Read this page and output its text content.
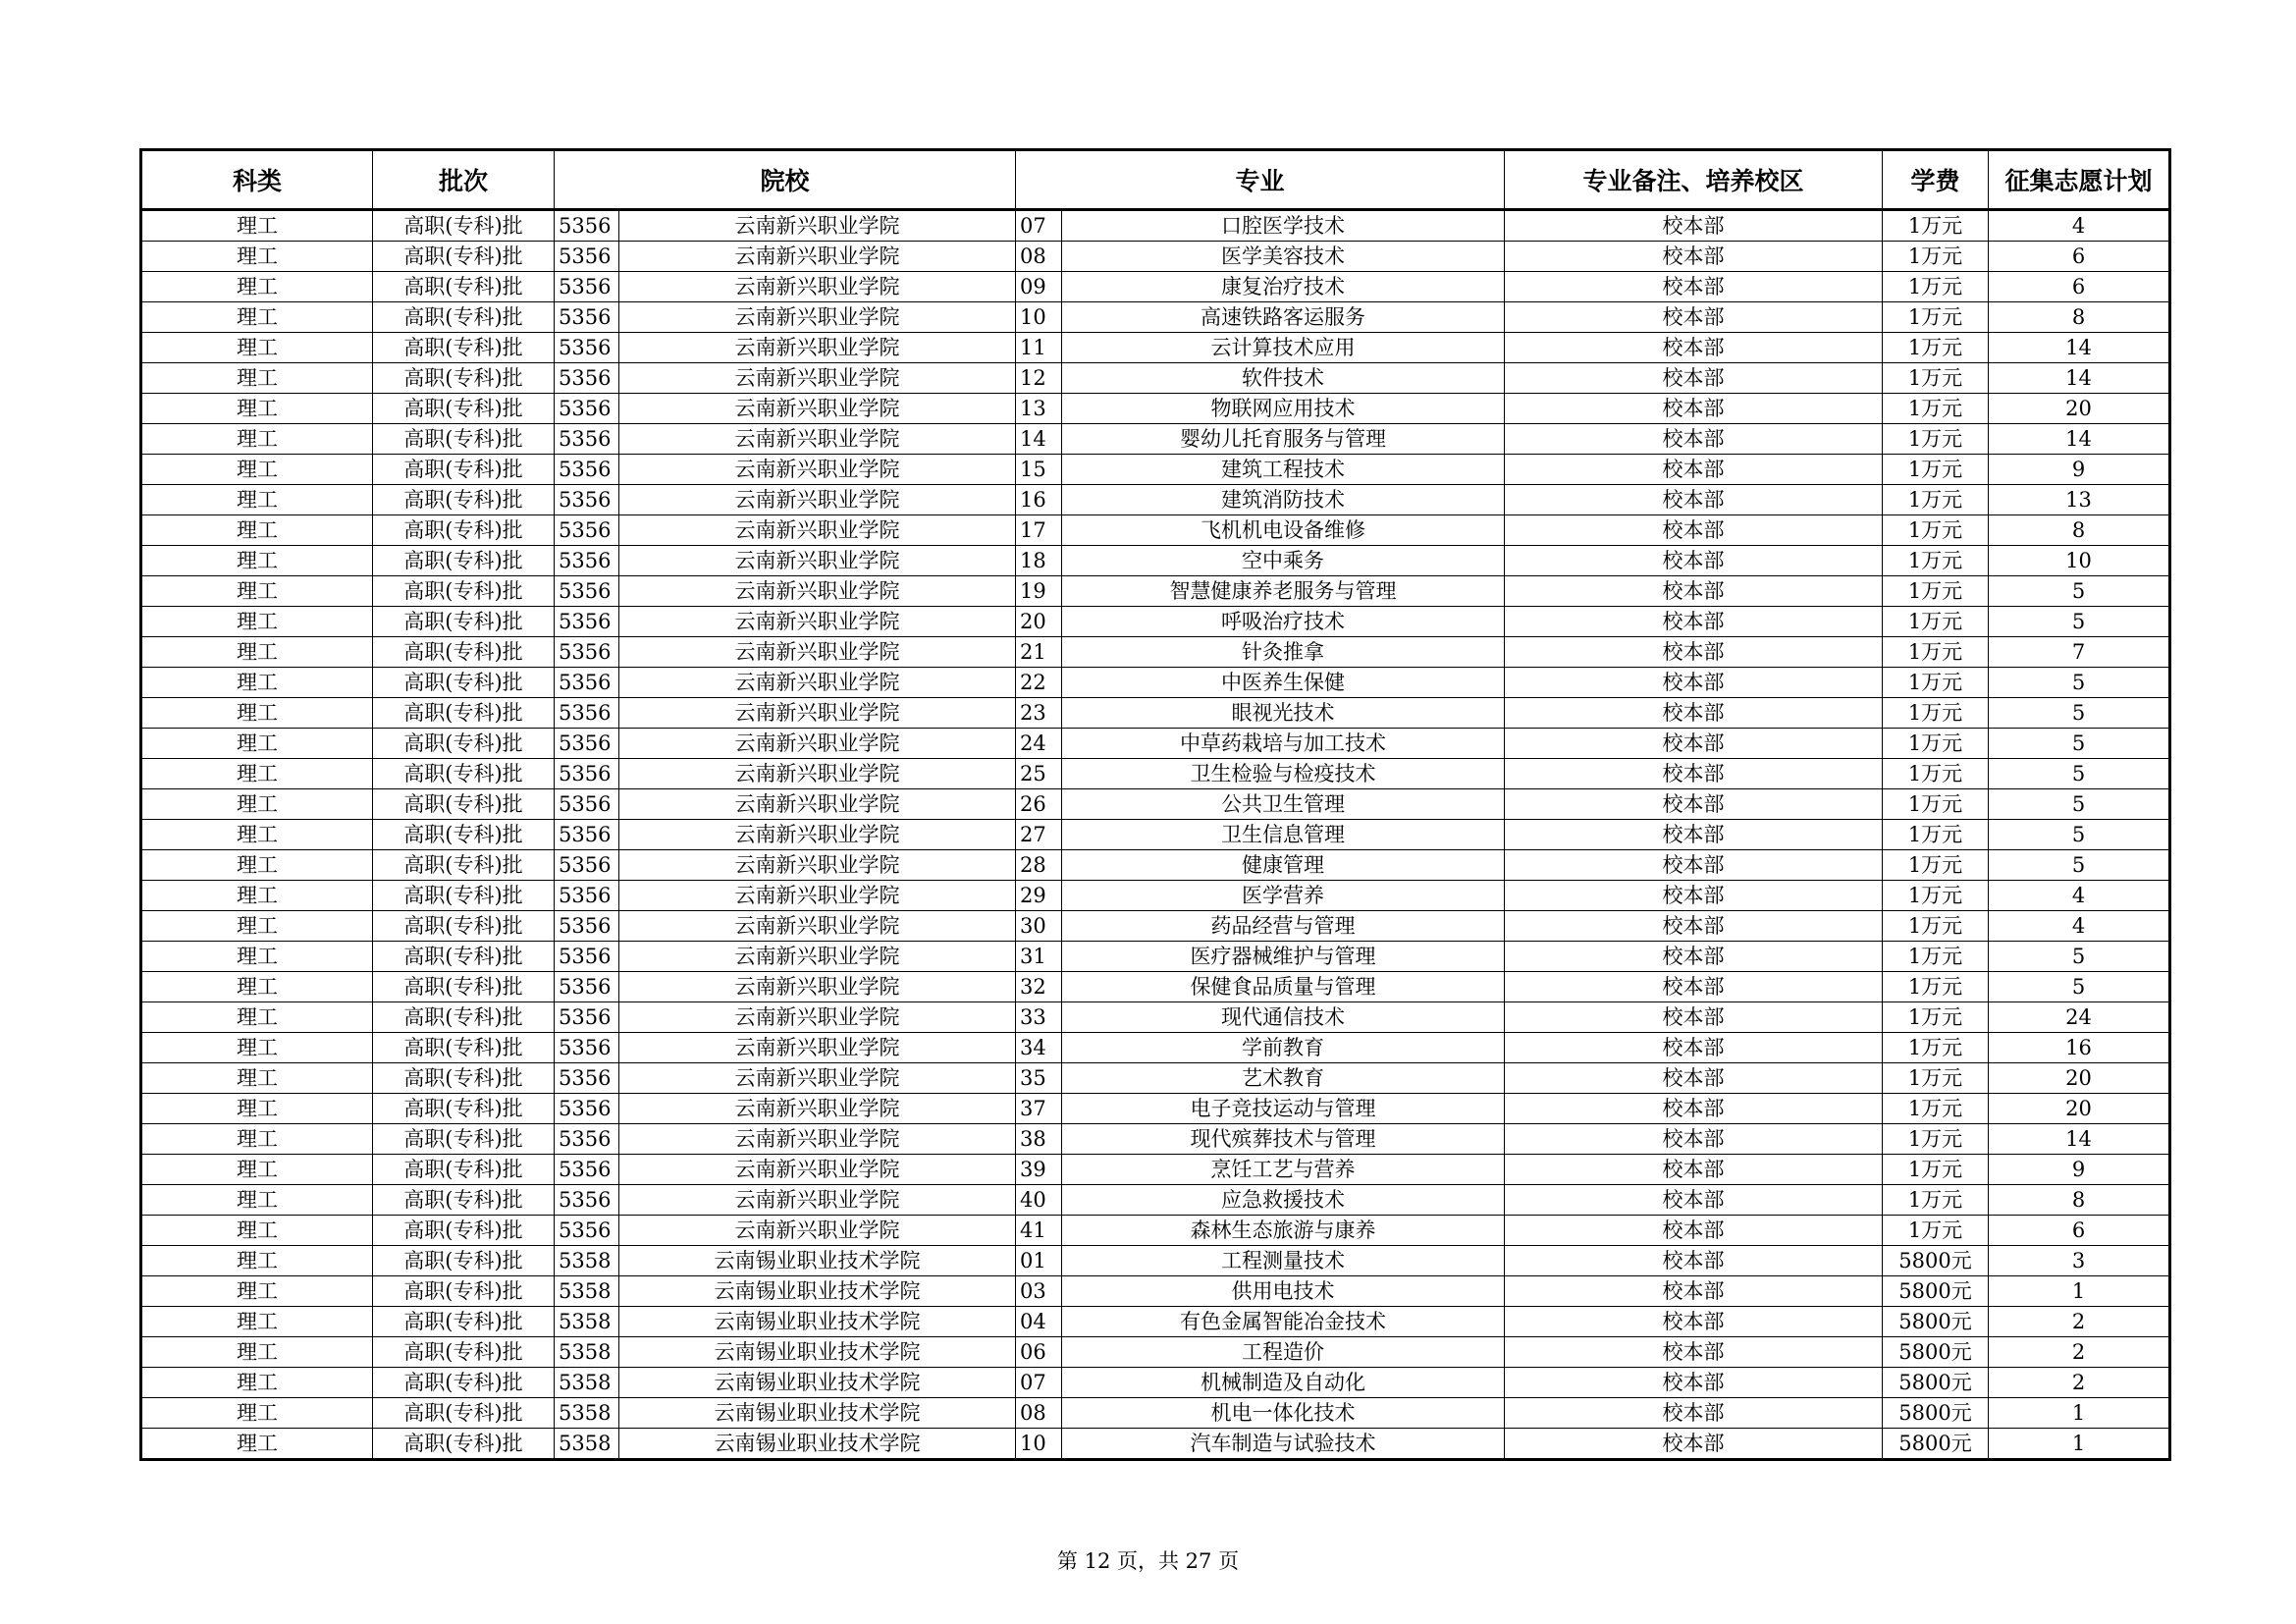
科类	批次	院校		专业		专业备注、培养校区	学费	征集志愿计划
理工	高职(专科)批	5356	云南新兴职业学院	07	口腔医学技术	校本部	1万元	4
理工	高职(专科)批	5356	云南新兴职业学院	08	医学美容技术	校本部	1万元	6
理工	高职(专科)批	5356	云南新兴职业学院	09	康复治疗技术	校本部	1万元	6
理工	高职(专科)批	5356	云南新兴职业学院	10	高速铁路客运服务	校本部	1万元	8
理工	高职(专科)批	5356	云南新兴职业学院	11	云计算技术应用	校本部	1万元	14
理工	高职(专科)批	5356	云南新兴职业学院	12	软件技术	校本部	1万元	14
理工	高职(专科)批	5356	云南新兴职业学院	13	物联网应用技术	校本部	1万元	20
理工	高职(专科)批	5356	云南新兴职业学院	14	婴幼儿托育服务与管理	校本部	1万元	14
理工	高职(专科)批	5356	云南新兴职业学院	15	建筑工程技术	校本部	1万元	9
理工	高职(专科)批	5356	云南新兴职业学院	16	建筑消防技术	校本部	1万元	13
理工	高职(专科)批	5356	云南新兴职业学院	17	飞机机电设备维修	校本部	1万元	8
理工	高职(专科)批	5356	云南新兴职业学院	18	空中乘务	校本部	1万元	10
理工	高职(专科)批	5356	云南新兴职业学院	19	智慧健康养老服务与管理	校本部	1万元	5
理工	高职(专科)批	5356	云南新兴职业学院	20	呼吸治疗技术	校本部	1万元	5
理工	高职(专科)批	5356	云南新兴职业学院	21	针灸推拿	校本部	1万元	7
理工	高职(专科)批	5356	云南新兴职业学院	22	中医养生保健	校本部	1万元	5
理工	高职(专科)批	5356	云南新兴职业学院	23	眼视光技术	校本部	1万元	5
理工	高职(专科)批	5356	云南新兴职业学院	24	中草药栽培与加工技术	校本部	1万元	5
理工	高职(专科)批	5356	云南新兴职业学院	25	卫生检验与检疫技术	校本部	1万元	5
理工	高职(专科)批	5356	云南新兴职业学院	26	公共卫生管理	校本部	1万元	5
理工	高职(专科)批	5356	云南新兴职业学院	27	卫生信息管理	校本部	1万元	5
理工	高职(专科)批	5356	云南新兴职业学院	28	健康管理	校本部	1万元	5
理工	高职(专科)批	5356	云南新兴职业学院	29	医学营养	校本部	1万元	4
理工	高职(专科)批	5356	云南新兴职业学院	30	药品经营与管理	校本部	1万元	4
理工	高职(专科)批	5356	云南新兴职业学院	31	医疗器械维护与管理	校本部	1万元	5
理工	高职(专科)批	5356	云南新兴职业学院	32	保健食品质量与管理	校本部	1万元	5
理工	高职(专科)批	5356	云南新兴职业学院	33	现代通信技术	校本部	1万元	24
理工	高职(专科)批	5356	云南新兴职业学院	34	学前教育	校本部	1万元	16
理工	高职(专科)批	5356	云南新兴职业学院	35	艺术教育	校本部	1万元	20
理工	高职(专科)批	5356	云南新兴职业学院	37	电子竞技运动与管理	校本部	1万元	20
理工	高职(专科)批	5356	云南新兴职业学院	38	现代殡葬技术与管理	校本部	1万元	14
理工	高职(专科)批	5356	云南新兴职业学院	39	烹饪工艺与营养	校本部	1万元	9
理工	高职(专科)批	5356	云南新兴职业学院	40	应急救援技术	校本部	1万元	8
理工	高职(专科)批	5356	云南新兴职业学院	41	森林生态旅游与康养	校本部	1万元	6
理工	高职(专科)批	5358	云南锡业职业技术学院	01	工程测量技术	校本部	5800元	3
理工	高职(专科)批	5358	云南锡业职业技术学院	03	供用电技术	校本部	5800元	1
理工	高职(专科)批	5358	云南锡业职业技术学院	04	有色金属智能冶金技术	校本部	5800元	2
理工	高职(专科)批	5358	云南锡业职业技术学院	06	工程造价	校本部	5800元	2
理工	高职(专科)批	5358	云南锡业职业技术学院	07	机械制造及自动化	校本部	5800元	2
理工	高职(专科)批	5358	云南锡业职业技术学院	08	机电一体化技术	校本部	5800元	1
理工	高职(专科)批	5358	云南锡业职业技术学院	10	汽车制造与试验技术	校本部	5800元	1
第 12 页，共 27 页
